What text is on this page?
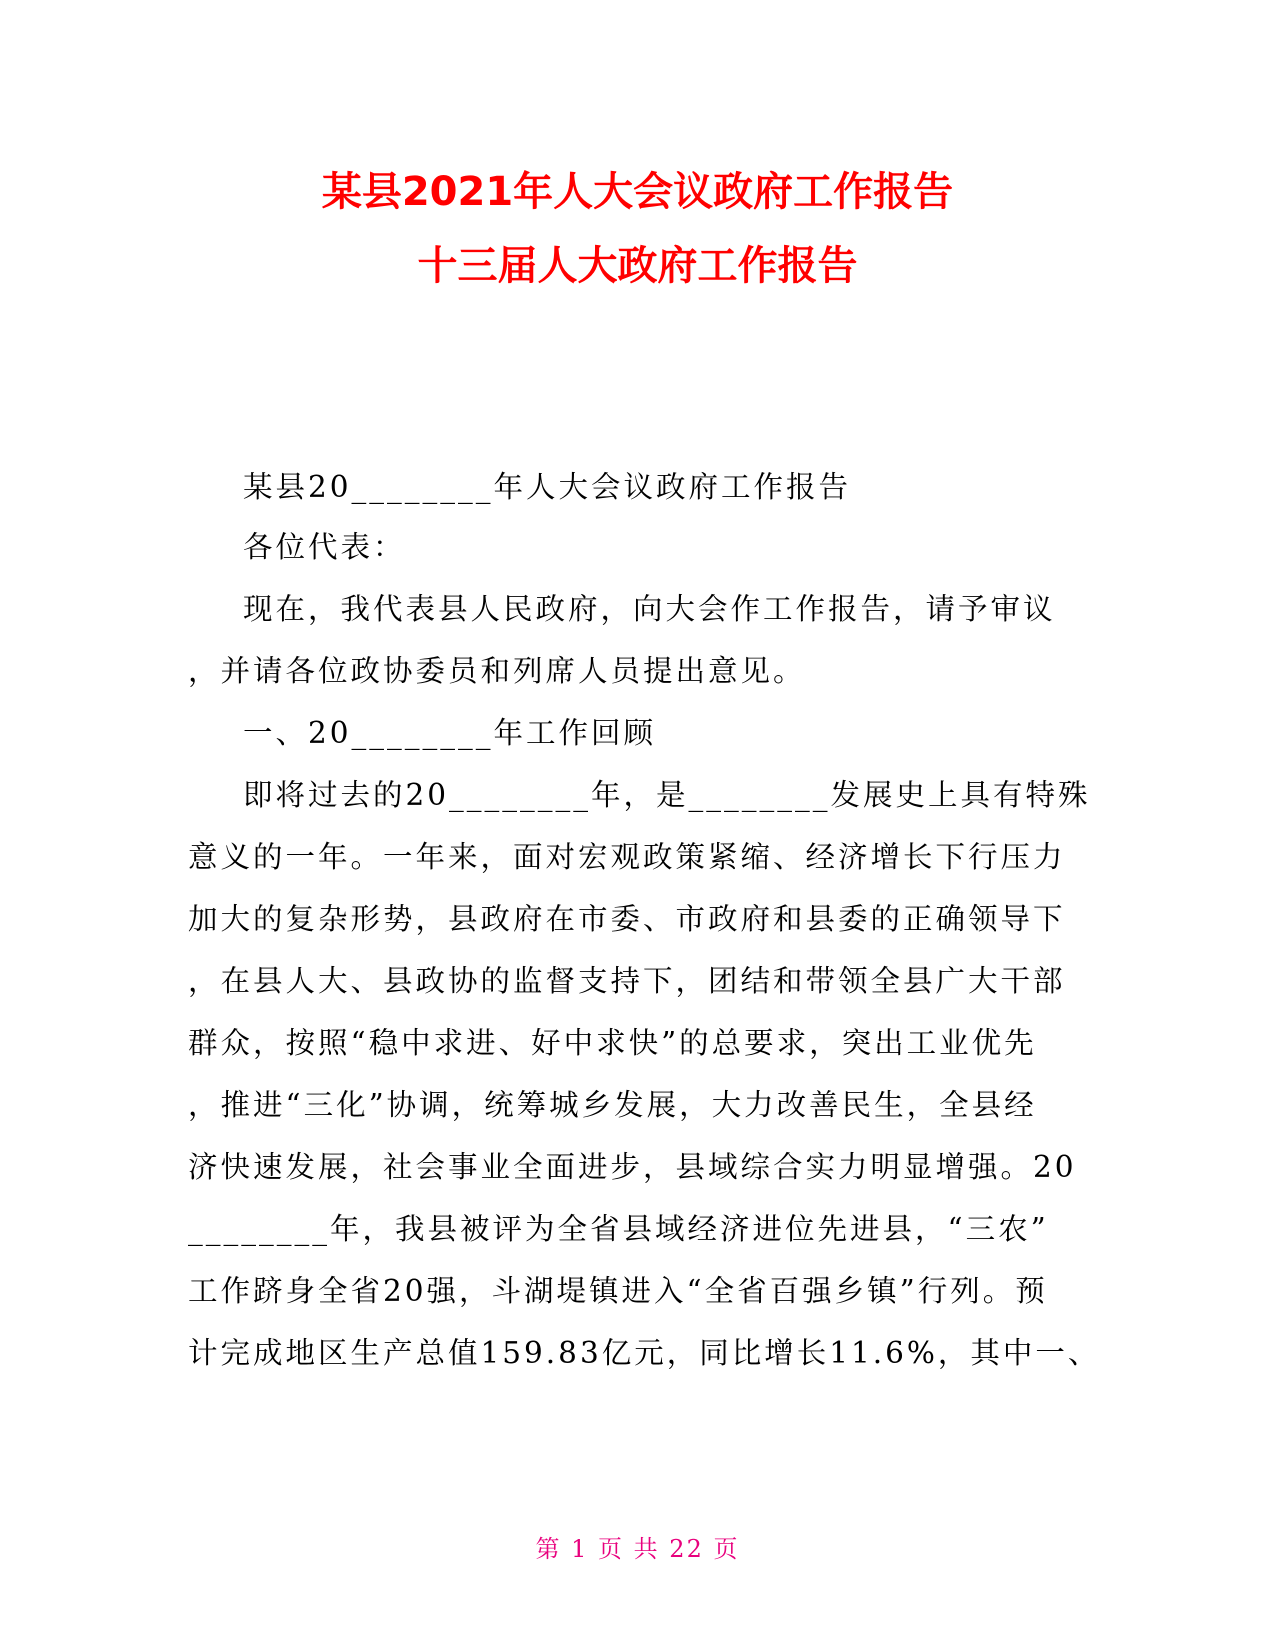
某县2021年人大会议政府工作报告
十三届人大政府工作报告
某县20________年人大会议政府工作报告
各位代表：
现在，我代表县人民政府，向大会作工作报告，请予审议
，并请各位政协委员和列席人员提出意见。
一、20________年工作回顾
即将过去的20________年，是________发展史上具有特殊
意义的一年。一年来，面对宏观政策紧缩、经济增长下行压力
加大的复杂形势，县政府在市委、市政府和县委的正确领导下
，在县人大、县政协的监督支持下，团结和带领全县广大干部
群众，按照“稳中求进、好中求快”的总要求，突出工业优先
，推进“三化”协调，统筹城乡发展，大力改善民生，全县经
济快速发展，社会事业全面进步，县域综合实力明显增强。20
________年，我县被评为全省县域经济进位先进县，“三农”
工作跻身全省20强，斗湖堤镇进入“全省百强乡镇”行列。预
计完成地区生产总值159.83亿元，同比增长11.6%，其中一、
第 1 页 共 22 页
